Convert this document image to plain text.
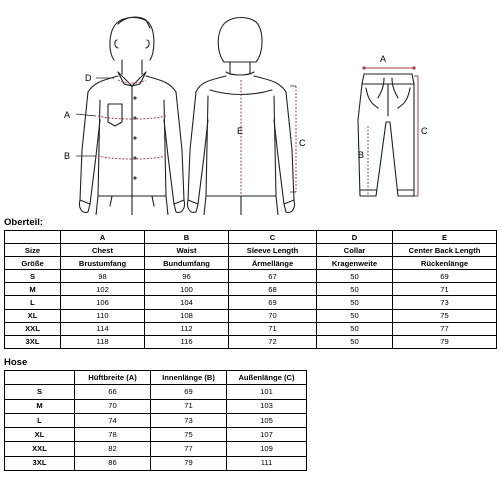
D
A
B
E
C
A
B
C
Oberteil:
	A	B	C	D	E
Size	Chest	Waist	Sleeve Length	Collar	Center Back Length
Größe	Brustumfang	Bundumfang	Ärmellänge	Kragenweite	Rückenlänge
S	98	96	67	50	69
M	102	100	68	50	71
L	106	104	69	50	73
XL	110	108	70	50	75
XXL	114	112	71	50	77
3XL	118	116	72	50	79
Hose
	Hüftbreite (A)	Innenlänge (B)	Außenlänge (C)
S	66	69	101
M	70	71	103
L	74	73	105
XL	78	75	107
XXL	82	77	109
3XL	86	79	111
